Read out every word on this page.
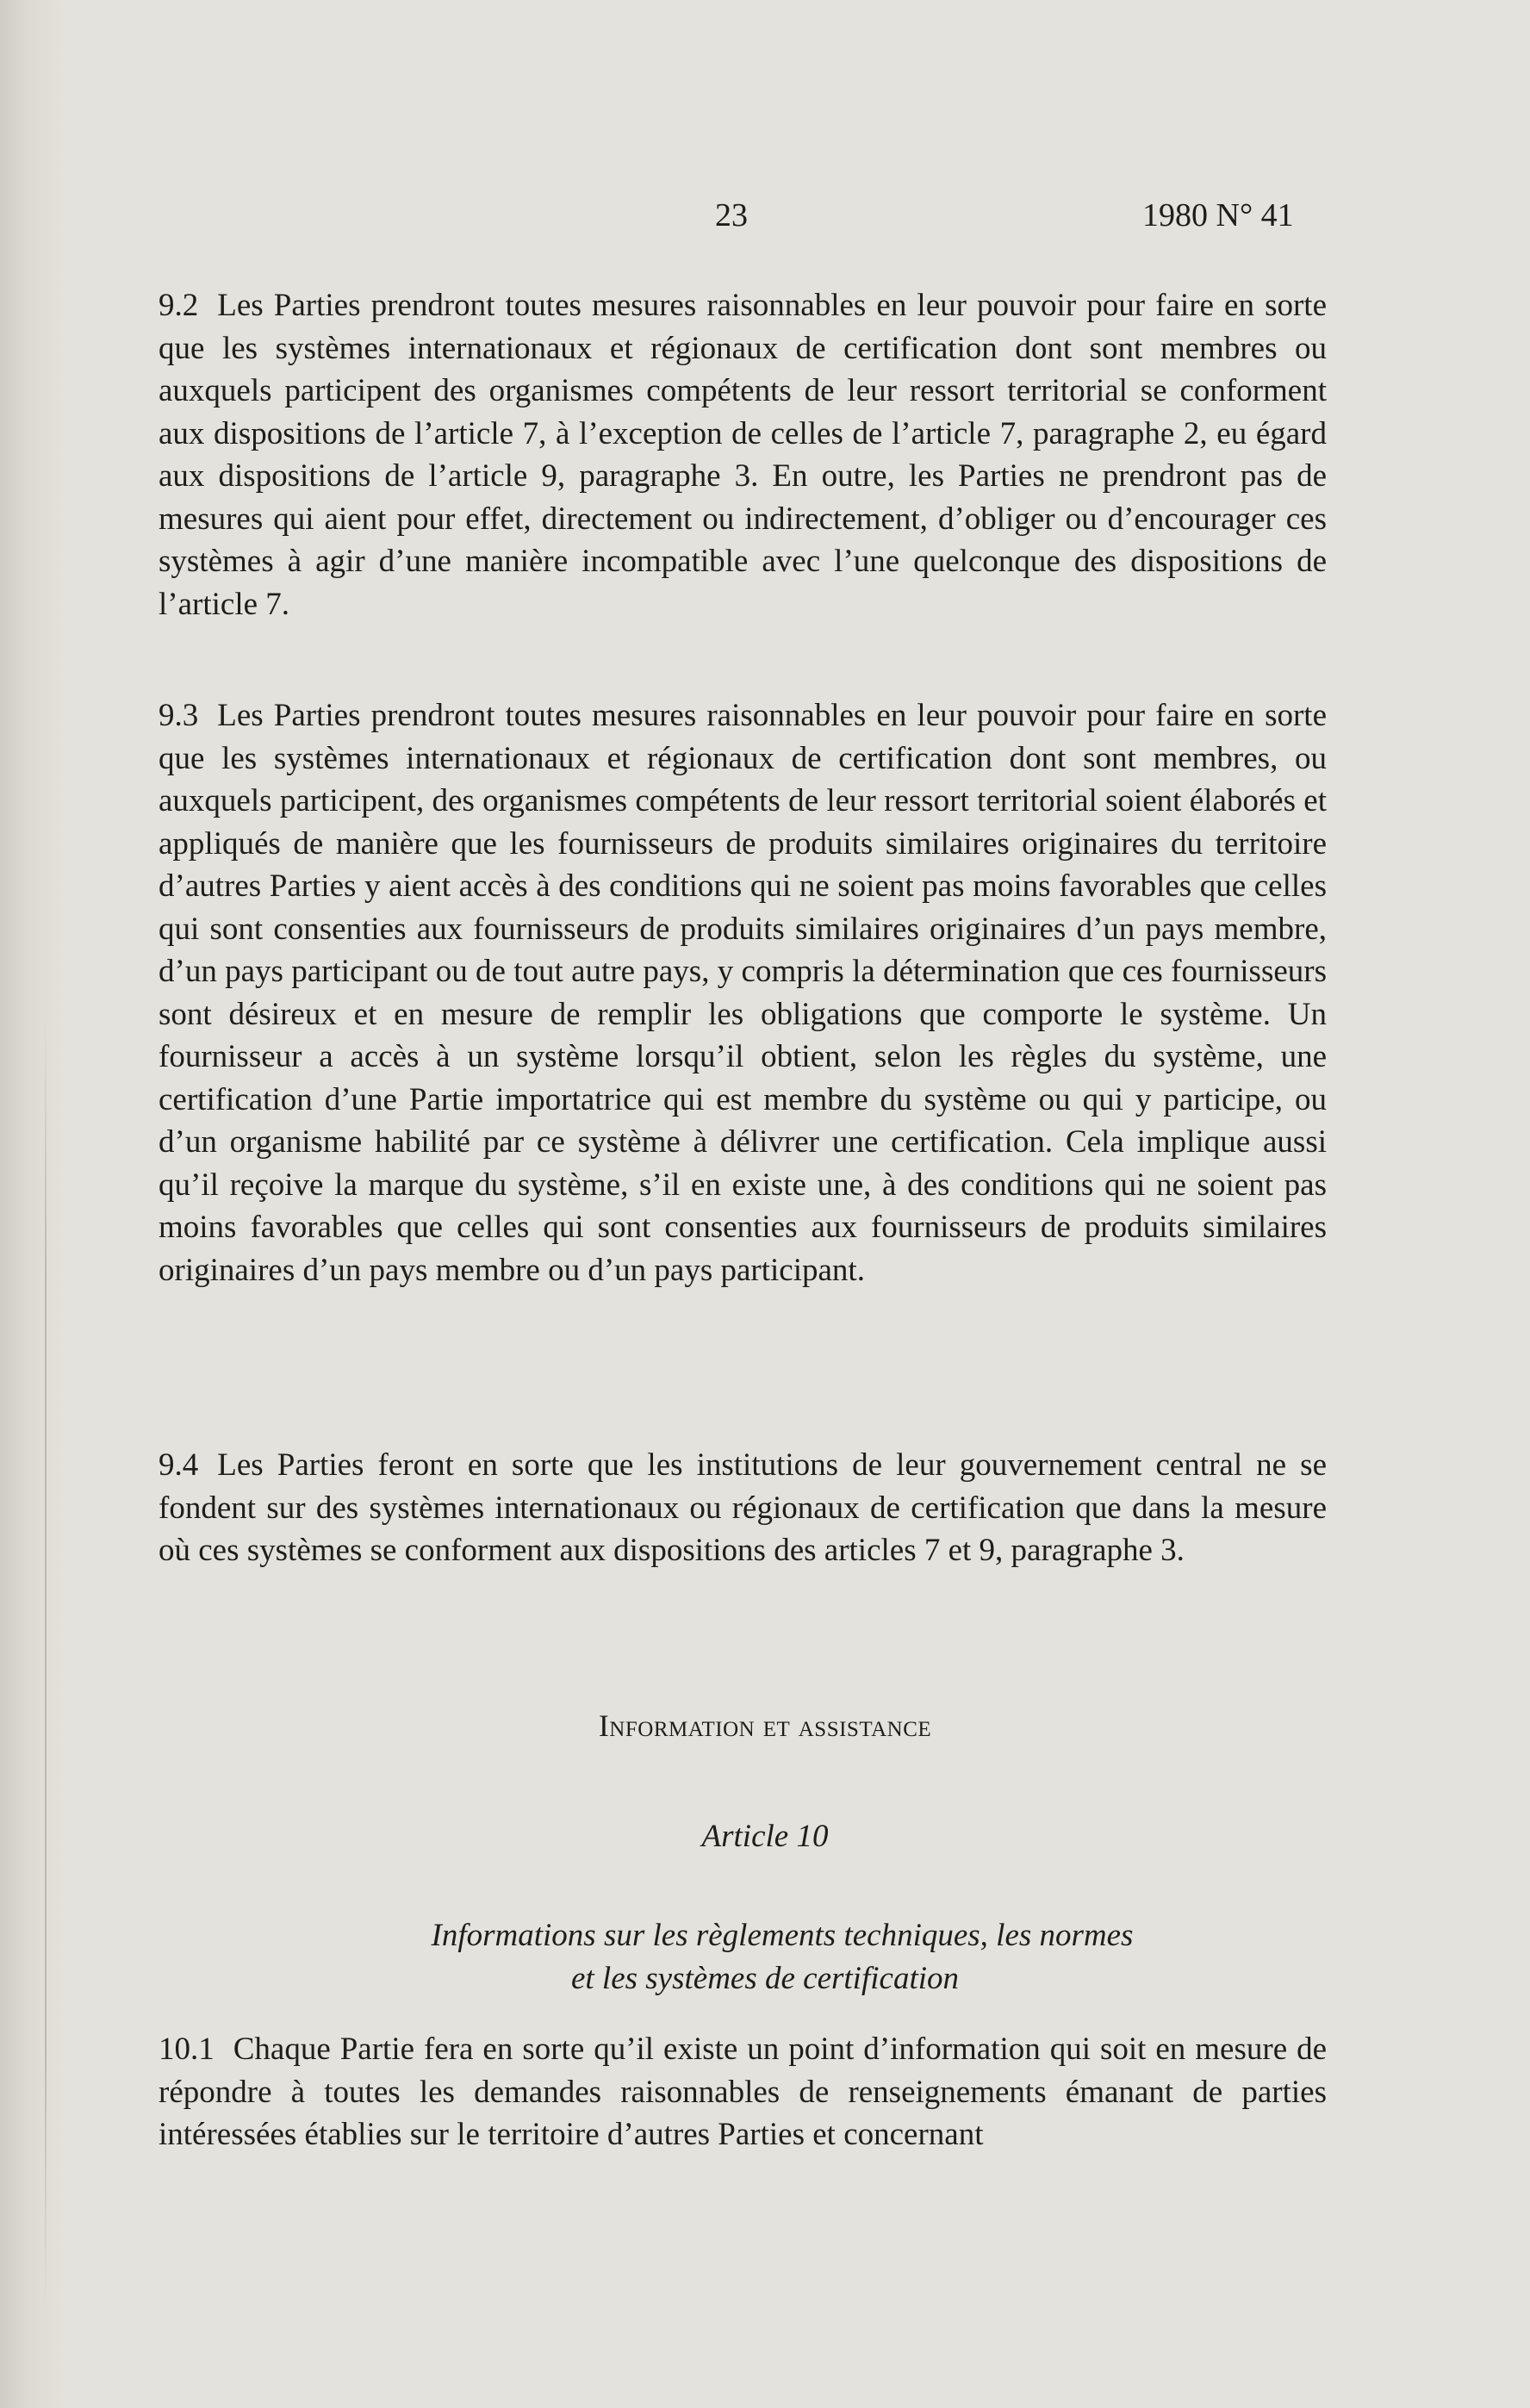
23	1980 N° 41

9.2 Les Parties prendront toutes mesures raisonnables en leur pouvoir pour faire en sorte que les systèmes internationaux et régionaux de certification dont sont membres ou auxquels participent des organismes compétents de leur ressort territorial se conforment aux dispositions de l’article 7, à l’exception de celles de l’article 7, paragraphe 2, eu égard aux dispositions de l’article 9, paragraphe 3. En outre, les Parties ne prendront pas de mesures qui aient pour effet, directement ou indirectement, d’obliger ou d’encourager ces systèmes à agir d’une manière incompatible avec l’une quelconque des dispositions de l’article 7.

9.3 Les Parties prendront toutes mesures raisonnables en leur pouvoir pour faire en sorte que les systèmes internationaux et régionaux de certification dont sont membres, ou auxquels participent, des organismes compétents de leur ressort territorial soient élaborés et appliqués de manière que les fournisseurs de produits similaires originaires du territoire d’autres Parties y aient accès à des conditions qui ne soient pas moins favorables que celles qui sont consenties aux fournisseurs de produits similaires originaires d’un pays membre, d’un pays participant ou de tout autre pays, y compris la détermination que ces fournisseurs sont désireux et en mesure de remplir les obligations que comporte le système. Un fournisseur a accès à un système lorsqu’il obtient, selon les règles du système, une certification d’une Partie importatrice qui est membre du système ou qui y participe, ou d’un organisme habilité par ce système à délivrer une certification. Cela implique aussi qu’il reçoive la marque du système, s’il en existe une, à des conditions qui ne soient pas moins favorables que celles qui sont consenties aux fournisseurs de produits similaires originaires d’un pays membre ou d’un pays participant.

9.4 Les Parties feront en sorte que les institutions de leur gouvernement central ne se fondent sur des systèmes internationaux ou régionaux de certification que dans la mesure où ces systèmes se conforment aux dispositions des articles 7 et 9, paragraphe 3.

Information et assistance
Article 10
Informations sur les règlements techniques, les normes
et les systèmes de certification

10.1 Chaque Partie fera en sorte qu’il existe un point d’information qui soit en mesure de répondre à toutes les demandes raisonnables de renseignements émanant de parties intéressées établies sur le territoire d’autres Parties et concernant
